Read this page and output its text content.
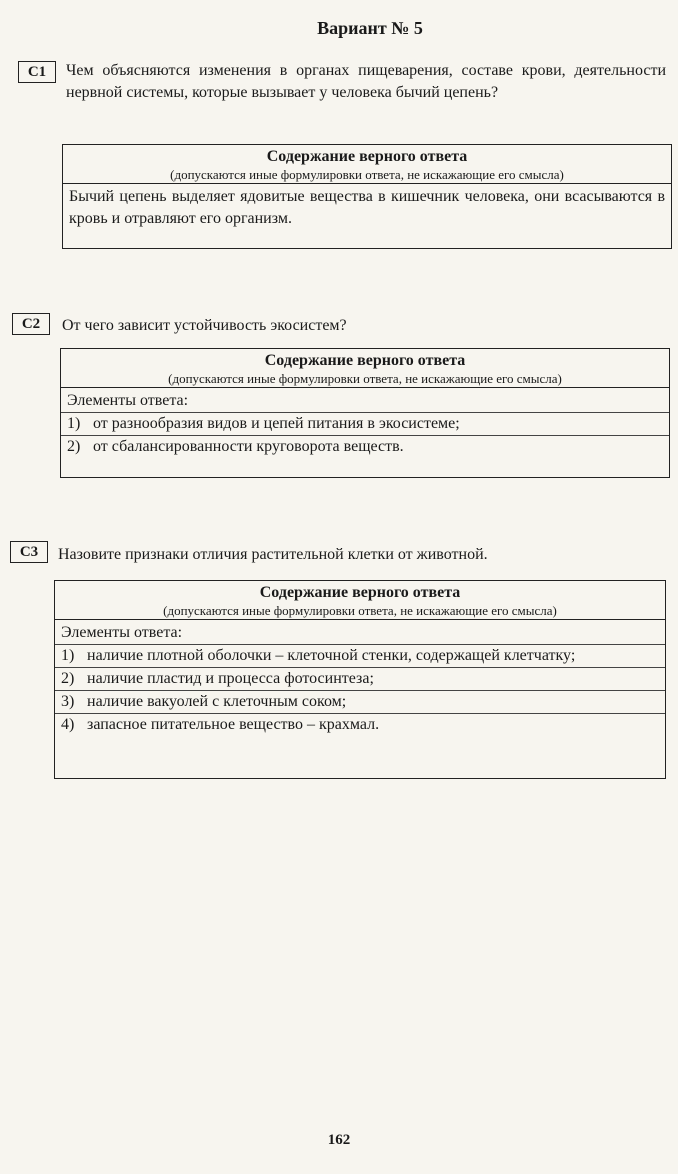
Вариант № 5
C1	Чем объясняются изменения в органах пищеварения, составе крови, деятельности нервной системы, которые вызывает у человека бычий цепень?
Содержание верного ответа
(допускаются иные формулировки ответа, не искажающие его смысла)
Бычий цепень выделяет ядовитые вещества в кишечник человека, они всасываются в кровь и отравляют его организм.
C2	От чего зависит устойчивость экосистем?
Содержание верного ответа
(допускаются иные формулировки ответа, не искажающие его смысла)
Элементы ответа:
1) от разнообразия видов и цепей питания в экосистеме;
2) от сбалансированности круговорота веществ.
C3	Назовите признаки отличия растительной клетки от животной.
Содержание верного ответа
(допускаются иные формулировки ответа, не искажающие его смысла)
Элементы ответа:
1) наличие плотной оболочки – клеточной стенки, содержащей клетчатку;
2) наличие пластид и процесса фотосинтеза;
3) наличие вакуолей с клеточным соком;
4) запасное питательное вещество – крахмал.
162
